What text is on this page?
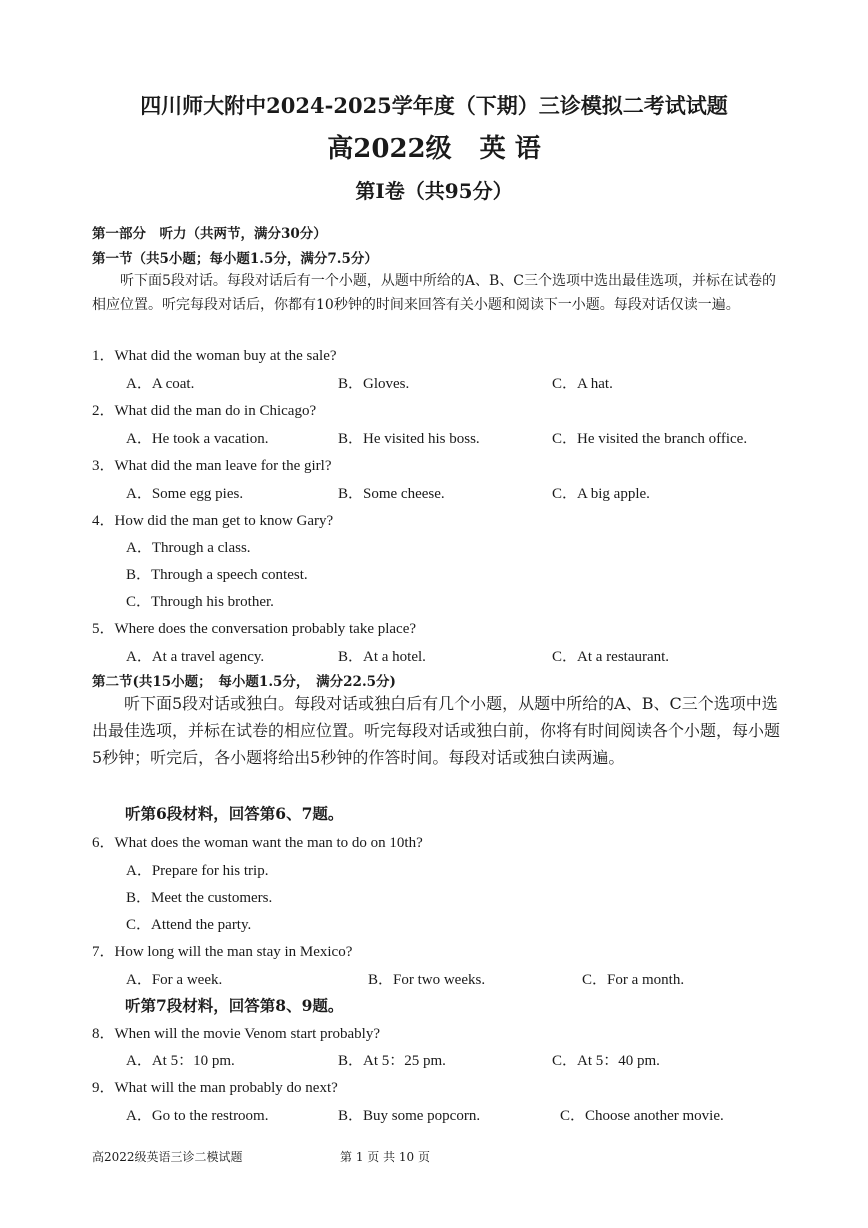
四川师大附中2024-2025学年度（下期）三诊模拟二考试试题
高2022级 英 语
第Ⅰ卷（共95分）
第一部分　听力（共两节，满分30分）
第一节（共5小题；每小题1.5分，满分7.5分）
听下面5段对话。每段对话后有一个小题，从题中所给的A、B、C三个选项中选出最佳选项，并标在试卷的相应位置。听完每段对话后，你都有10秒钟的时间来回答有关小题和阅读下一小题。每段对话仅读一遍。
1．What did the woman buy at the sale?
A．A coat.	B．Gloves.	C．A hat.
2．What did the man do in Chicago?
A．He took a vacation.	B．He visited his boss.	C．He visited the branch office.
3．What did the man leave for the girl?
A．Some egg pies.	B．Some cheese.	C．A big apple.
4．How did the man get to know Gary?
A．Through a class.
B．Through a speech contest.
C．Through his brother.
5．Where does the conversation probably take place?
A．At a travel agency.	B．At a hotel.	C．At a restaurant.
第二节(共15小题；　每小题1.5分，　满分22.5分)
听下面5段对话或独白。每段对话或独白后有几个小题，从题中所给的A、B、C三个选项中选出最佳选项，并标在试卷的相应位置。听完每段对话或独白前，你将有时间阅读各个小题，每小题5秒钟；听完后，各小题将给出5秒钟的作答时间。每段对话或独白读两遍。
听第6段材料，回答第6、7题。
6．What does the woman want the man to do on 10th?
A．Prepare for his trip.
B．Meet the customers.
C．Attend the party.
7．How long will the man stay in Mexico?
A．For a week.	B．For two weeks.	C．For a month.
听第7段材料，回答第8、9题。
8．When will the movie Venom start probably?
A．At 5：10 pm.	B．At 5：25 pm.	C．At 5：40 pm.
9．What will the man probably do next?
A．Go to the restroom.	B．Buy some popcorn.	C．Choose another movie.
高2022级英语三诊二模试题	第 1 页 共 10 页
